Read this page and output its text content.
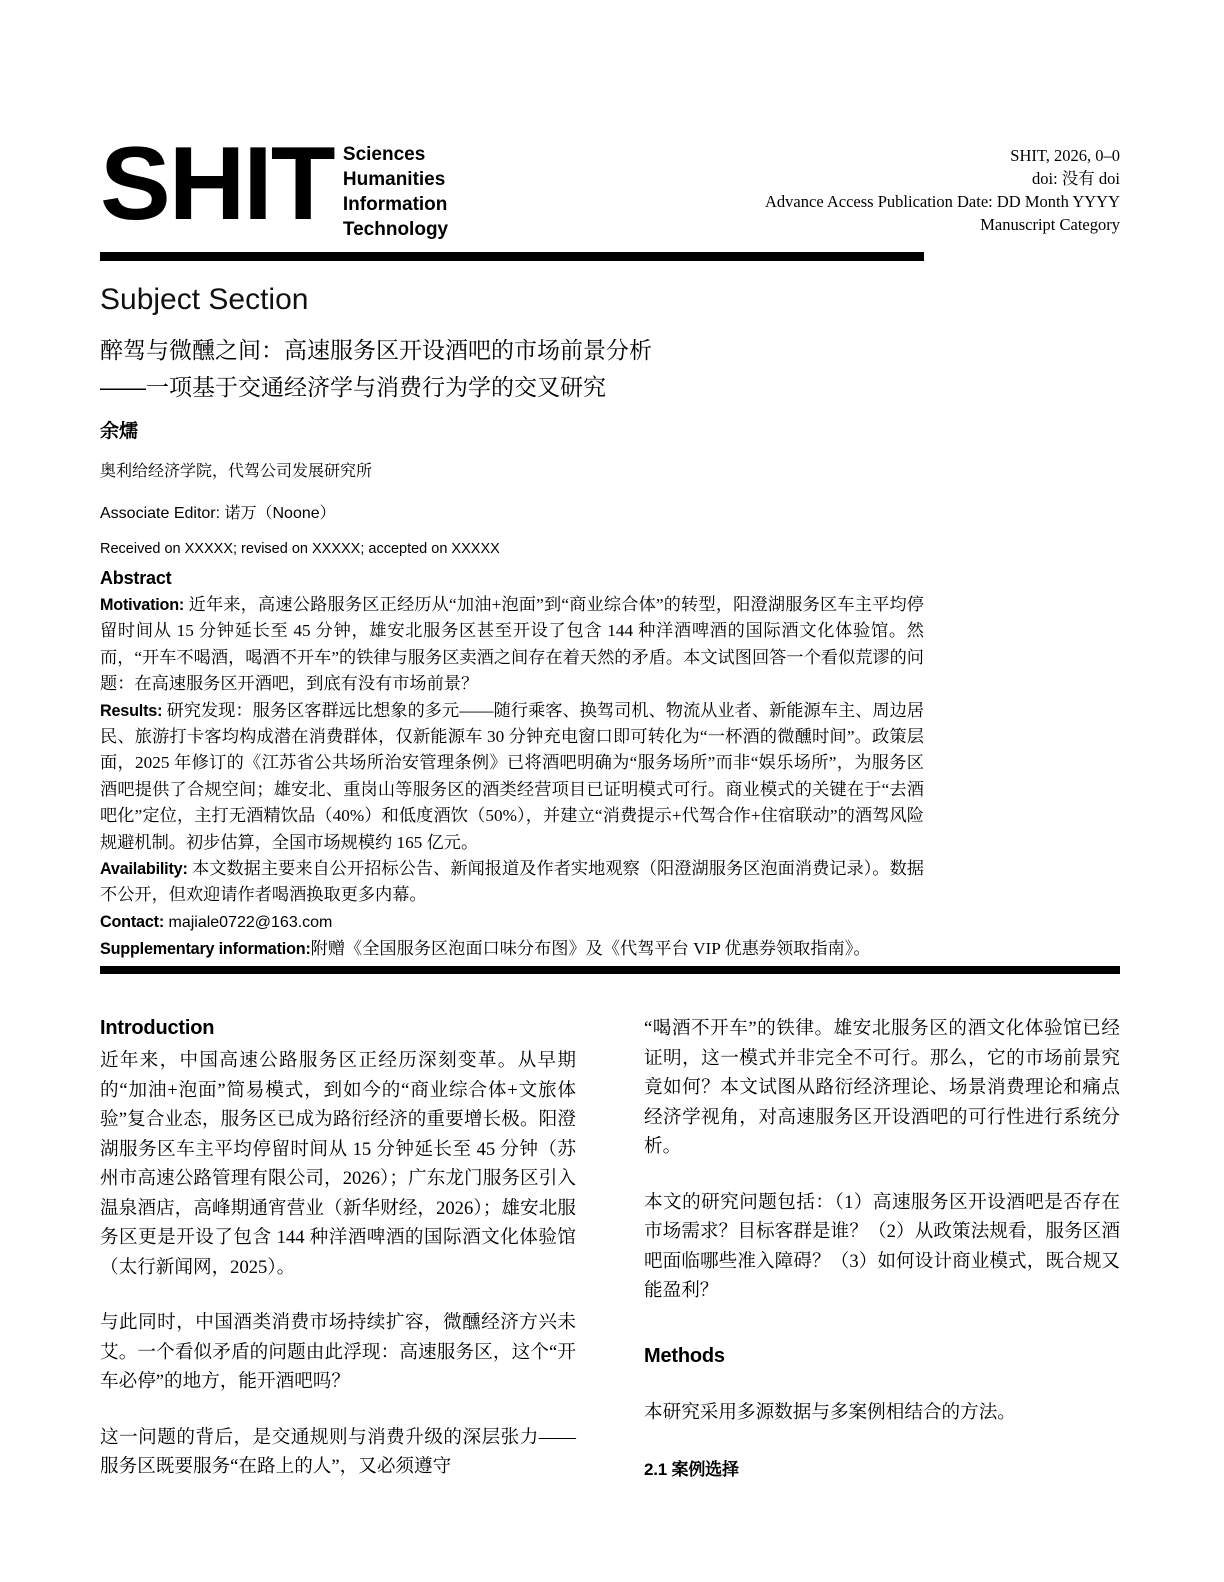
SHIT Sciences
Humanities
Information
Technology
SHIT, 2026, 0–0
doi: 没有 doi
Advance Access Publication Date: DD Month YYYY
Manuscript Category
Subject Section
醉驾与微醺之间：高速服务区开设酒吧的市场前景分析
——一项基于交通经济学与消费行为学的交叉研究
余燸
奥利给经济学院，代驾公司发展研究所
Associate Editor: 诺万（Noone）
Received on XXXXX; revised on XXXXX; accepted on XXXXX
Abstract

Motivation: 近年来，高速公路服务区正经历从“加油+泡面”到“商业综合体”的转型，阳澄湖服务区车主平均停留时间从 15 分钟延长至 45 分钟，雄安北服务区甚至开设了包含 144 种洋酒啤酒的国际酒文化体验馆。然而，“开车不喝酒，喝酒不开车”的铁律与服务区卖酒之间存在着天然的矛盾。本文试图回答一个看似荒谬的问题：在高速服务区开酒吧，到底有没有市场前景？

Results: 研究发现：服务区客群远比想象的多元——随行乘客、换驾司机、物流从业者、新能源车主、周边居民、旅游打卡客均构成潜在消费群体，仅新能源车 30 分钟充电窗口即可转化为“一杯酒的微醺时间”。政策层面，2025 年修订的《江苏省公共场所治安管理条例》已将酒吧明确为“服务场所”而非“娱乐场所”，为服务区酒吧提供了合规空间；雄安北、重岗山等服务区的酒类经营项目已证明模式可行。商业模式的关键在于“去酒吧化”定位，主打无酒精饮品（40%）和低度酒饮（50%），并建立“消费提示+代驾合作+住宿联动”的酒驾风险规避机制。初步估算，全国市场规模约 165 亿元。

Availability: 本文数据主要来自公开招标公告、新闻报道及作者实地观察（阳澄湖服务区泡面消费记录）。数据不公开，但欢迎请作者喝酒换取更多内幕。

Contact: majiale0722@163.com

Supplementary information:附赠《全国服务区泡面口味分布图》及《代驾平台 VIP 优惠券领取指南》。

Introduction

近年来，中国高速公路服务区正经历深刻变革。从早期的“加油+泡面”简易模式，到如今的“商业综合体+文旅体验”复合业态，服务区已成为路衍经济的重要增长极。阳澄湖服务区车主平均停留时间从 15 分钟延长至 45 分钟（苏州市高速公路管理有限公司，2026）；广东龙门服务区引入温泉酒店，高峰期通宵营业（新华财经，2026）；雄安北服务区更是开设了包含 144 种洋酒啤酒的国际酒文化体验馆（太行新闻网，2025）。

与此同时，中国酒类消费市场持续扩容，微醺经济方兴未艾。一个看似矛盾的问题由此浮现：高速服务区，这个“开车必停”的地方，能开酒吧吗？

这一问题的背后，是交通规则与消费升级的深层张力——服务区既要服务“在路上的人”，又必须遵守

“喝酒不开车”的铁律。雄安北服务区的酒文化体验馆已经证明，这一模式并非完全不可行。那么，它的市场前景究竟如何？本文试图从路衍经济理论、场景消费理论和痛点经济学视角，对高速服务区开设酒吧的可行性进行系统分析。

本文的研究问题包括：（1）高速服务区开设酒吧是否存在市场需求？目标客群是谁？（2）从政策法规看，服务区酒吧面临哪些准入障碍？（3）如何设计商业模式，既合规又能盈利？

Methods

本研究采用多源数据与多案例相结合的方法。

2.1 案例选择
